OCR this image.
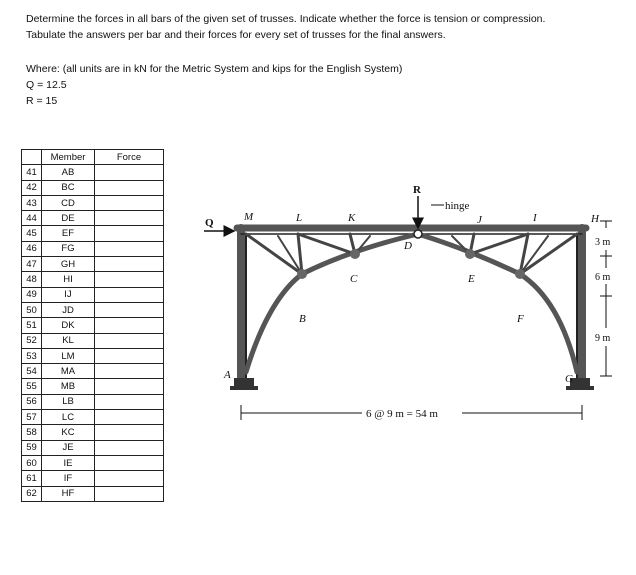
Determine the forces in all bars of the given set of trusses. Indicate whether the force is tension or compression.
Tabulate the answers per bar and their forces for every set of trusses for the final answers.
Where: (all units are in kN for the Metric System and kips for the English System)
Q = 12.5
R = 15
	Member	Force
41	AB	
42	BC	
43	CD	
44	DE	
45	EF	
46	FG	
47	GH	
48	HI	
49	IJ	
50	JD	
51	DK	
52	KL	
53	LM	
54	MA	
55	MB	
56	LB	
57	LC	
58	KC	
59	JE	
60	IE	
61	IF	
62	HF	
R
hinge
Q	M	L	K	J	I	H
D
C	E
B	F
A	G
6 @ 9 m = 54 m
3 m
6 m
9 m
